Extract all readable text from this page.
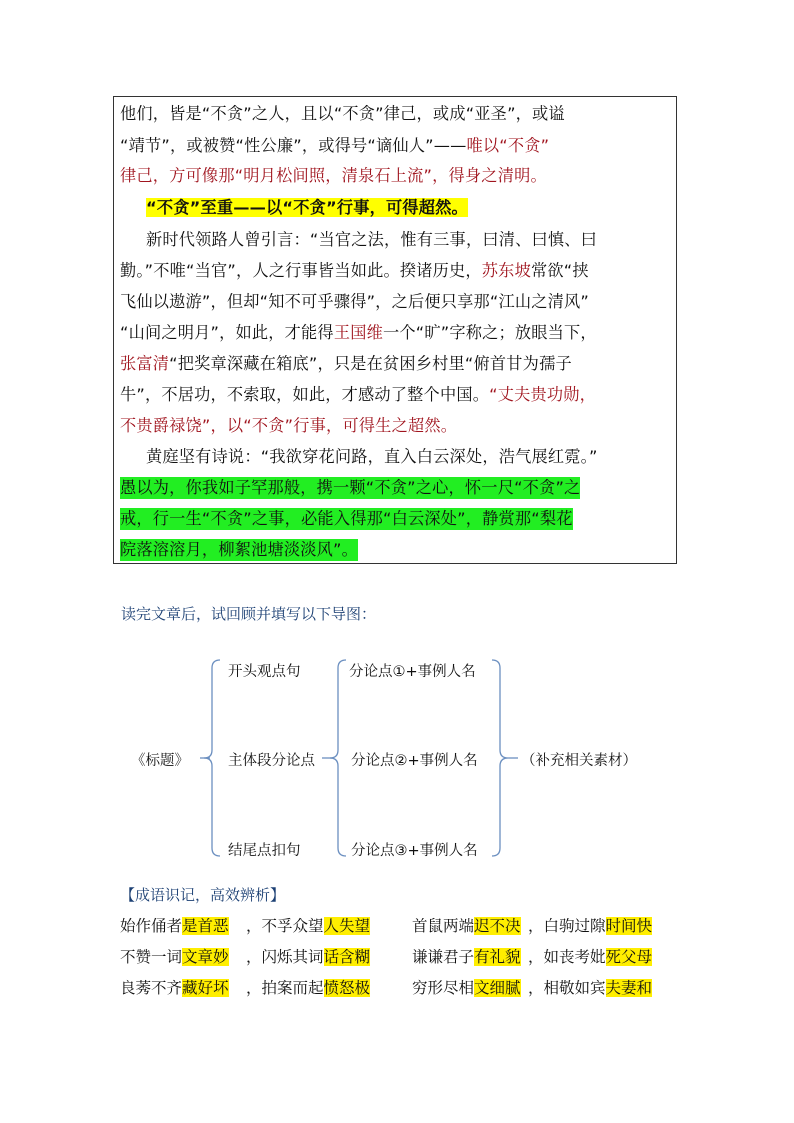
他们，皆是“不贪”之人，且以“不贪”律己，或成“亚圣”，或谥
“靖节”，或被赞“性公廉”，或得号“谪仙人”——唯以“不贪”
律己，方可像那“明月松间照，清泉石上流”，得身之清明。
“不贪”至重——以“不贪”行事，可得超然。
新时代领路人曾引言：“当官之法，惟有三事，曰清、曰慎、曰
勤。”不唯“当官”，人之行事皆当如此。揆诸历史，苏东坡常欲“挟
飞仙以遨游”，但却“知不可乎骤得”，之后便只享那“江山之清风”
“山间之明月”，如此，才能得王国维一个“旷”字称之；放眼当下，
张富清“把奖章深藏在箱底”，只是在贫困乡村里“俯首甘为孺子
牛”，不居功，不索取，如此，才感动了整个中国。“丈夫贵功勋，
不贵爵禄饶”，以“不贪”行事，可得生之超然。
黄庭坚有诗说：“我欲穿花问路，直入白云深处，浩气展红霓。”
愚以为，你我如子罕那般，携一颗“不贪”之心，怀一尺“不贪”之
戒，行一生“不贪”之事，必能入得那“白云深处”，静赏那“梨花
院落溶溶月，柳絮池塘淡淡风”。
读完文章后，试回顾并填写以下导图：
《标题》
开头观点句
主体段分论点
结尾点扣句
分论点①+事例人名
分论点②+事例人名
分论点③+事例人名
（补充相关素材）
【成语识记，高效辨析】
始作俑者是首恶 ，不孚众望人失望	首鼠两端迟不决 ，白驹过隙时间快
不赞一词文章妙 ，闪烁其词话含糊	谦谦君子有礼貌 ，如丧考妣死父母
良莠不齐藏好坏 ，拍案而起愤怒极	穷形尽相文细腻 ，相敬如宾夫妻和
